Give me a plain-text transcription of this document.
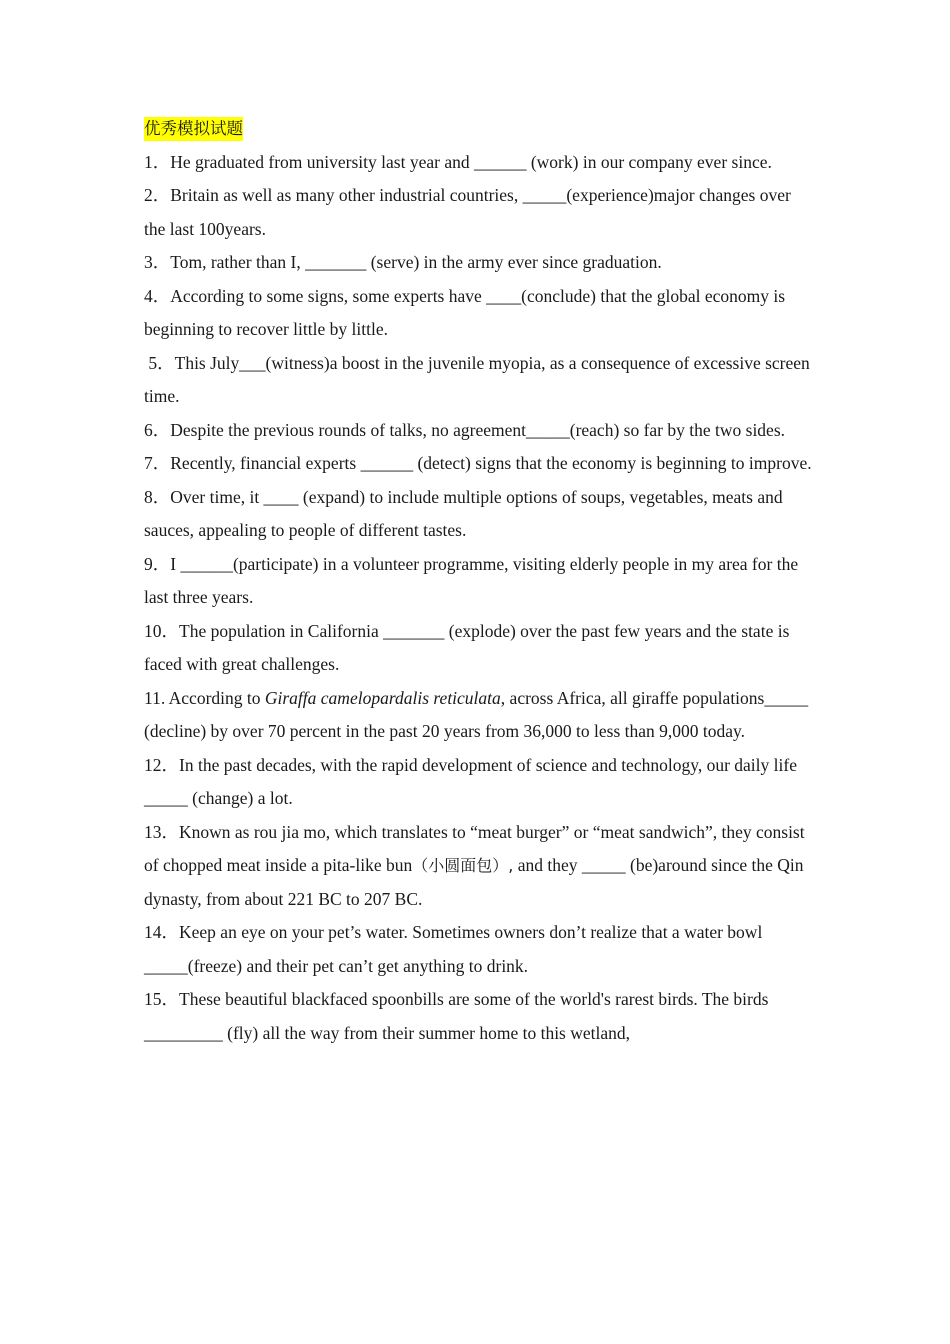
优秀模拟试题

1．He graduated from university last year and ______ (work) in our company ever since.

2．Britain as well as many other industrial countries, _____(experience)major changes over the last 100years.

3．Tom, rather than I, _______ (serve) in the army ever since graduation.

4．According to some signs, some experts have ____(conclude) that the global economy is beginning to recover little by little.

5．This July___(witness)a boost in the juvenile myopia, as a consequence of excessive screen time.

6．Despite the previous rounds of talks, no agreement_____(reach) so far by the two sides.

7．Recently, financial experts ______ (detect) signs that the economy is beginning to improve.

8．Over time, it ____ (expand) to include multiple options of soups, vegetables, meats and sauces, appealing to people of different tastes.

9．I ______(participate) in a volunteer programme, visiting elderly people in my area for the last three years.

10．The population in California _______ (explode) over the past few years and the state is faced with great challenges.

11. According to Giraffa camelopardalis reticulata, across Africa, all giraffe populations_____ (decline) by over 70 percent in the past 20 years from 36,000 to less than 9,000 today.

12．In the past decades, with the rapid development of science and technology, our daily life _____ (change) a lot.

13．Known as rou jia mo, which translates to “meat burger” or “meat sandwich”, they consist of chopped meat inside a pita-like bun（小圆面包）, and they _____ (be)around since the Qin dynasty, from about 221 BC to 207 BC.

14．Keep an eye on your pet’s water. Sometimes owners don’t realize that a water bowl _____(freeze) and their pet can’t get anything to drink.

15．These beautiful blackfaced spoonbills are some of the world's rarest birds. The birds _________ (fly) all the way from their summer home to this wetland,
